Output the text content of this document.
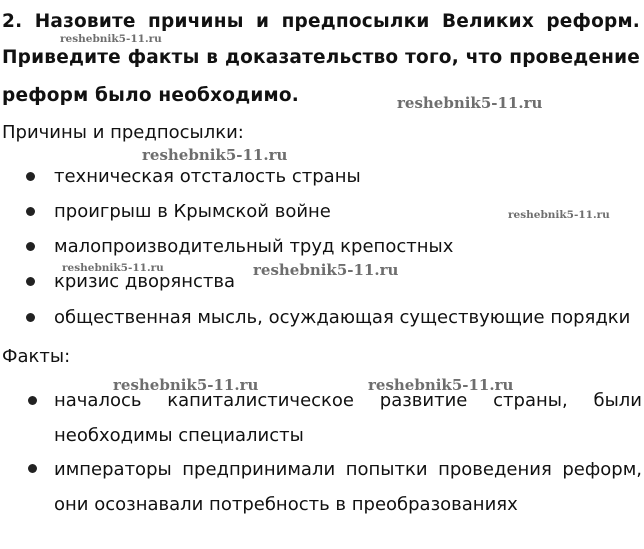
2. Назовите причины и предпосылки Великих реформ.
Приведите факты в доказательство того, что проведение
реформ было необходимо.
Причины и предпосылки:
техническая отсталость страны
проигрыш в Крымской войне
малопроизводительный труд крепостных
кризис дворянства
общественная мысль, осуждающая существующие порядки
Факты:
началось капиталистическое развитие страны, были
необходимы специалисты
императоры предпринимали попытки проведения реформ,
они осознавали потребность в преобразованиях
reshebnik5-11.ru
reshebnik5-11.ru
reshebnik5-11.ru
reshebnik5-11.ru
reshebnik5-11.ru	reshebnik5-11.ru
reshebnik5-11.ru	reshebnik5-11.ru
